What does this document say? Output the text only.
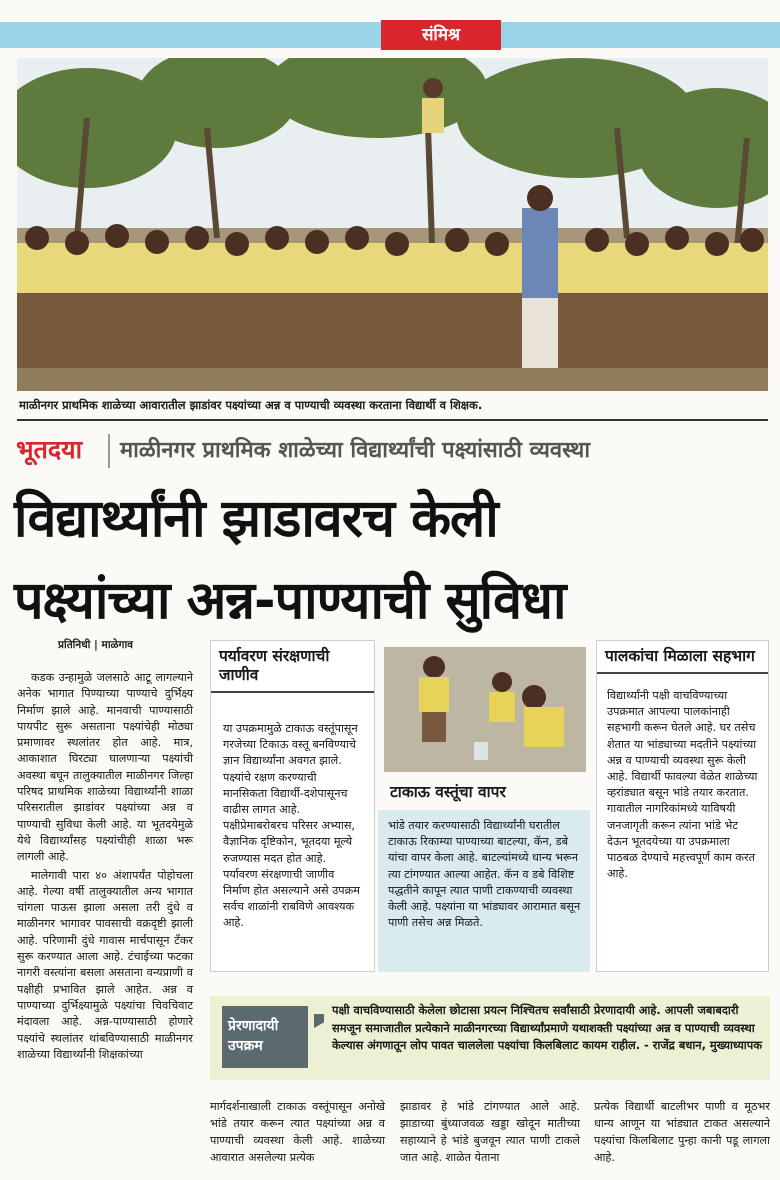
संमिश्र
माळीनगर प्राथमिक शाळेच्या आवारातील झाडांवर पक्ष्यांच्या अन्न व पाण्याची व्यवस्था करताना विद्यार्थी व शिक्षक.
भूतदया माळीनगर प्राथमिक शाळेच्या विद्यार्थ्यांची पक्ष्यांसाठी व्यवस्था
विद्यार्थ्यांनी झाडावरच केली
पक्ष्यांच्या अन्न-पाण्याची सुविधा
प्रतिनिधी | माळेगाव

कडक उन्हामुळे जलसाठे आटू लागल्याने अनेक भागात पिण्याच्या पाण्याचे दुर्भिक्ष्य निर्माण झाले आहे. मानवाची पाण्यासाठी पायपीट सुरू असताना पक्ष्यांचेही मोठ्या प्रमाणावर स्थलांतर होत आहे. मात्र, आकाशात घिरट्या घालणाऱ्या पक्ष्यांची अवस्था बघून तालुक्यातील माळीनगर जिल्हा परिषद प्राथमिक शाळेच्या विद्यार्थ्यांनी शाळा परिसरातील झाडांवर पक्ष्यांच्या अन्न व पाण्याची सुविधा केली आहे. या भूतदयेमुळे येथे विद्यार्थ्यांसह पक्ष्यांचीही शाळा भरू लागली आहे.

मालेगावी पारा ४० अंशापर्यंत पोहोचला आहे. गेल्या वर्षी तालुक्यातील अन्य भागात चांगला पाऊस झाला असला तरी दुंधे व माळीनगर भागावर पावसाची वक्रदृष्टी झाली आहे. परिणामी दुंधे गावास मार्चपासून टँकर सुरू करण्यात आला आहे. टंचाईच्या फटका नागरी वस्त्यांना बसला असताना वन्यप्राणी व पक्षीही प्रभावित झाले आहेत. अन्न व पाण्याच्या दुर्भिक्ष्यामुळे पक्ष्यांचा चिवचिवाट मंदावला आहे. अन्न-पाण्यासाठी होणारे पक्ष्यांचे स्थलांतर थांबविण्यासाठी माळीनगर शाळेच्या विद्यार्थ्यांनी शिक्षकांच्या

पर्यावरण संरक्षणाची जाणीव
या उपक्रमामुळे टाकाऊ वस्तूंपासून गरजेच्या टिकाऊ वस्तू बनविण्याचे ज्ञान विद्यार्थ्यांना अवगत झाले. पक्ष्यांचे रक्षण करण्याची मानसिकता विद्यार्थी-दशेपासूनच वाढीस लागत आहे. पक्षीप्रेमाबरोबरच परिसर अभ्यास, वैज्ञानिक दृष्टिकोन, भूतदया मूल्ये रुजण्यास मदत होत आहे. पर्यावरण संरक्षणाची जाणीव निर्माण होत असल्याने असे उपक्रम सर्वच शाळांनी राबविणे आवश्यक आहे.
टाकाऊ वस्तूंचा वापर
भांडे तयार करण्यासाठी विद्यार्थ्यांनी घरातील टाकाऊ रिकाम्या पाण्याच्या बाटल्या, कॅन, डबे यांचा वापर केला आहे. बाटल्यांमध्ये धान्य भरून त्या टांगण्यात आल्या आहेत. कॅन व डबे विशिष्ट पद्धतीने कापून त्यात पाणी टाकण्याची व्यवस्था केली आहे. पक्ष्यांना या भांड्यावर आरामात बसून पाणी तसेच अन्न मिळते.
पालकांचा मिळाला सहभाग
विद्यार्थ्यांनी पक्षी वाचविण्याच्या उपक्रमात आपल्या पालकांनाही सहभागी करून घेतले आहे. घर तसेच शेतात या भांड्याच्या मदतीने पक्ष्यांच्या अन्न व पाण्याची व्यवस्था सुरू केली आहे. विद्यार्थी फावल्या वेळेत शाळेच्या व्हरांड्यात बसून भांडे तयार करतात. गावातील नागरिकांमध्ये याविषयी जनजागृती करून त्यांना भांडे भेट देऊन भूतदयेच्या या उपक्रमाला पाठबळ देण्याचे महत्त्वपूर्ण काम करत आहे.
प्रेरणादायी उपक्रम
पक्षी वाचविण्यासाठी केलेला छोटासा प्रयत्न निश्चितच सर्वांसाठी प्रेरणादायी आहे. आपली जबाबदारी समजून समाजातील प्रत्येकाने माळीनगरच्या विद्यार्थ्यांप्रमाणे यथाशक्ती पक्ष्यांच्या अन्न व पाण्याची व्यवस्था केल्यास अंगणातून लोप पावत चाललेला पक्ष्यांचा किलबिलाट कायम राहील. - राजेंद्र बधान, मुख्याध्यापक
मार्गदर्शनाखाली टाकाऊ वस्तूंपासून अनोखे भांडे तयार करून त्यात पक्ष्यांच्या अन्न व पाण्याची व्यवस्था केली आहे. शाळेच्या आवारात असलेल्या प्रत्येक
झाडावर हे भांडे टांगण्यात आले आहे. झाडाच्या बुंध्याजवळ खड्डा खोदून मातीच्या सहाय्याने हे भांडे बुजवून त्यात पाणी टाकले जात आहे. शाळेत येताना
प्रत्येक विद्यार्थी बाटलीभर पाणी व मूठभर धान्य आणून या भांड्यात टाकत असल्याने पक्ष्यांचा किलबिलाट पुन्हा कानी पडू लागला आहे.
